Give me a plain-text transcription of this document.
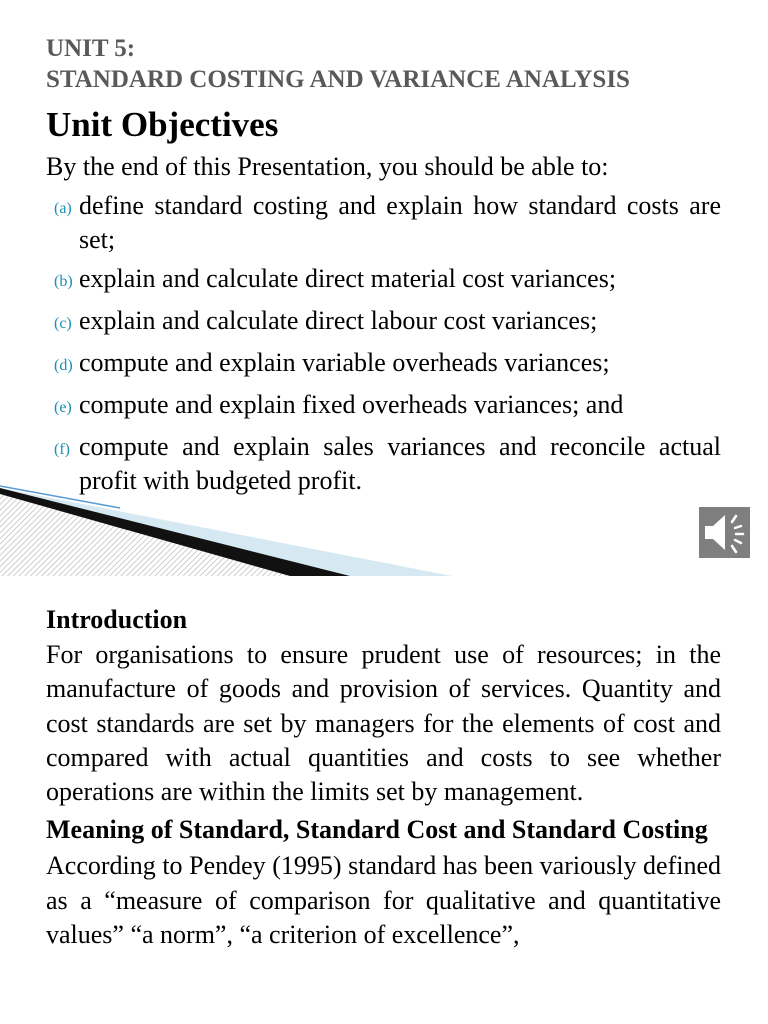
UNIT 5:
STANDARD COSTING AND VARIANCE ANALYSIS
Unit Objectives
By the end of this Presentation, you should be able to:
(a) define standard costing and explain how standard costs are set;
(b) explain and calculate direct material cost variances;
(c) explain and calculate direct labour cost variances;
(d) compute and explain variable overheads variances;
(e) compute and explain fixed overheads variances; and
(f) compute and explain sales variances and reconcile actual profit with budgeted profit.

Introduction

For organisations to ensure prudent use of resources; in the manufacture of goods and provision of services. Quantity and cost standards are set by managers for the elements of cost and compared with actual quantities and costs to see whether operations are within the limits set by management.

Meaning of Standard, Standard Cost and Standard Costing

According to Pendey (1995) standard has been variously defined as a “measure of comparison for qualitative and quantitative values” “a norm”, “a criterion of excellence”,
